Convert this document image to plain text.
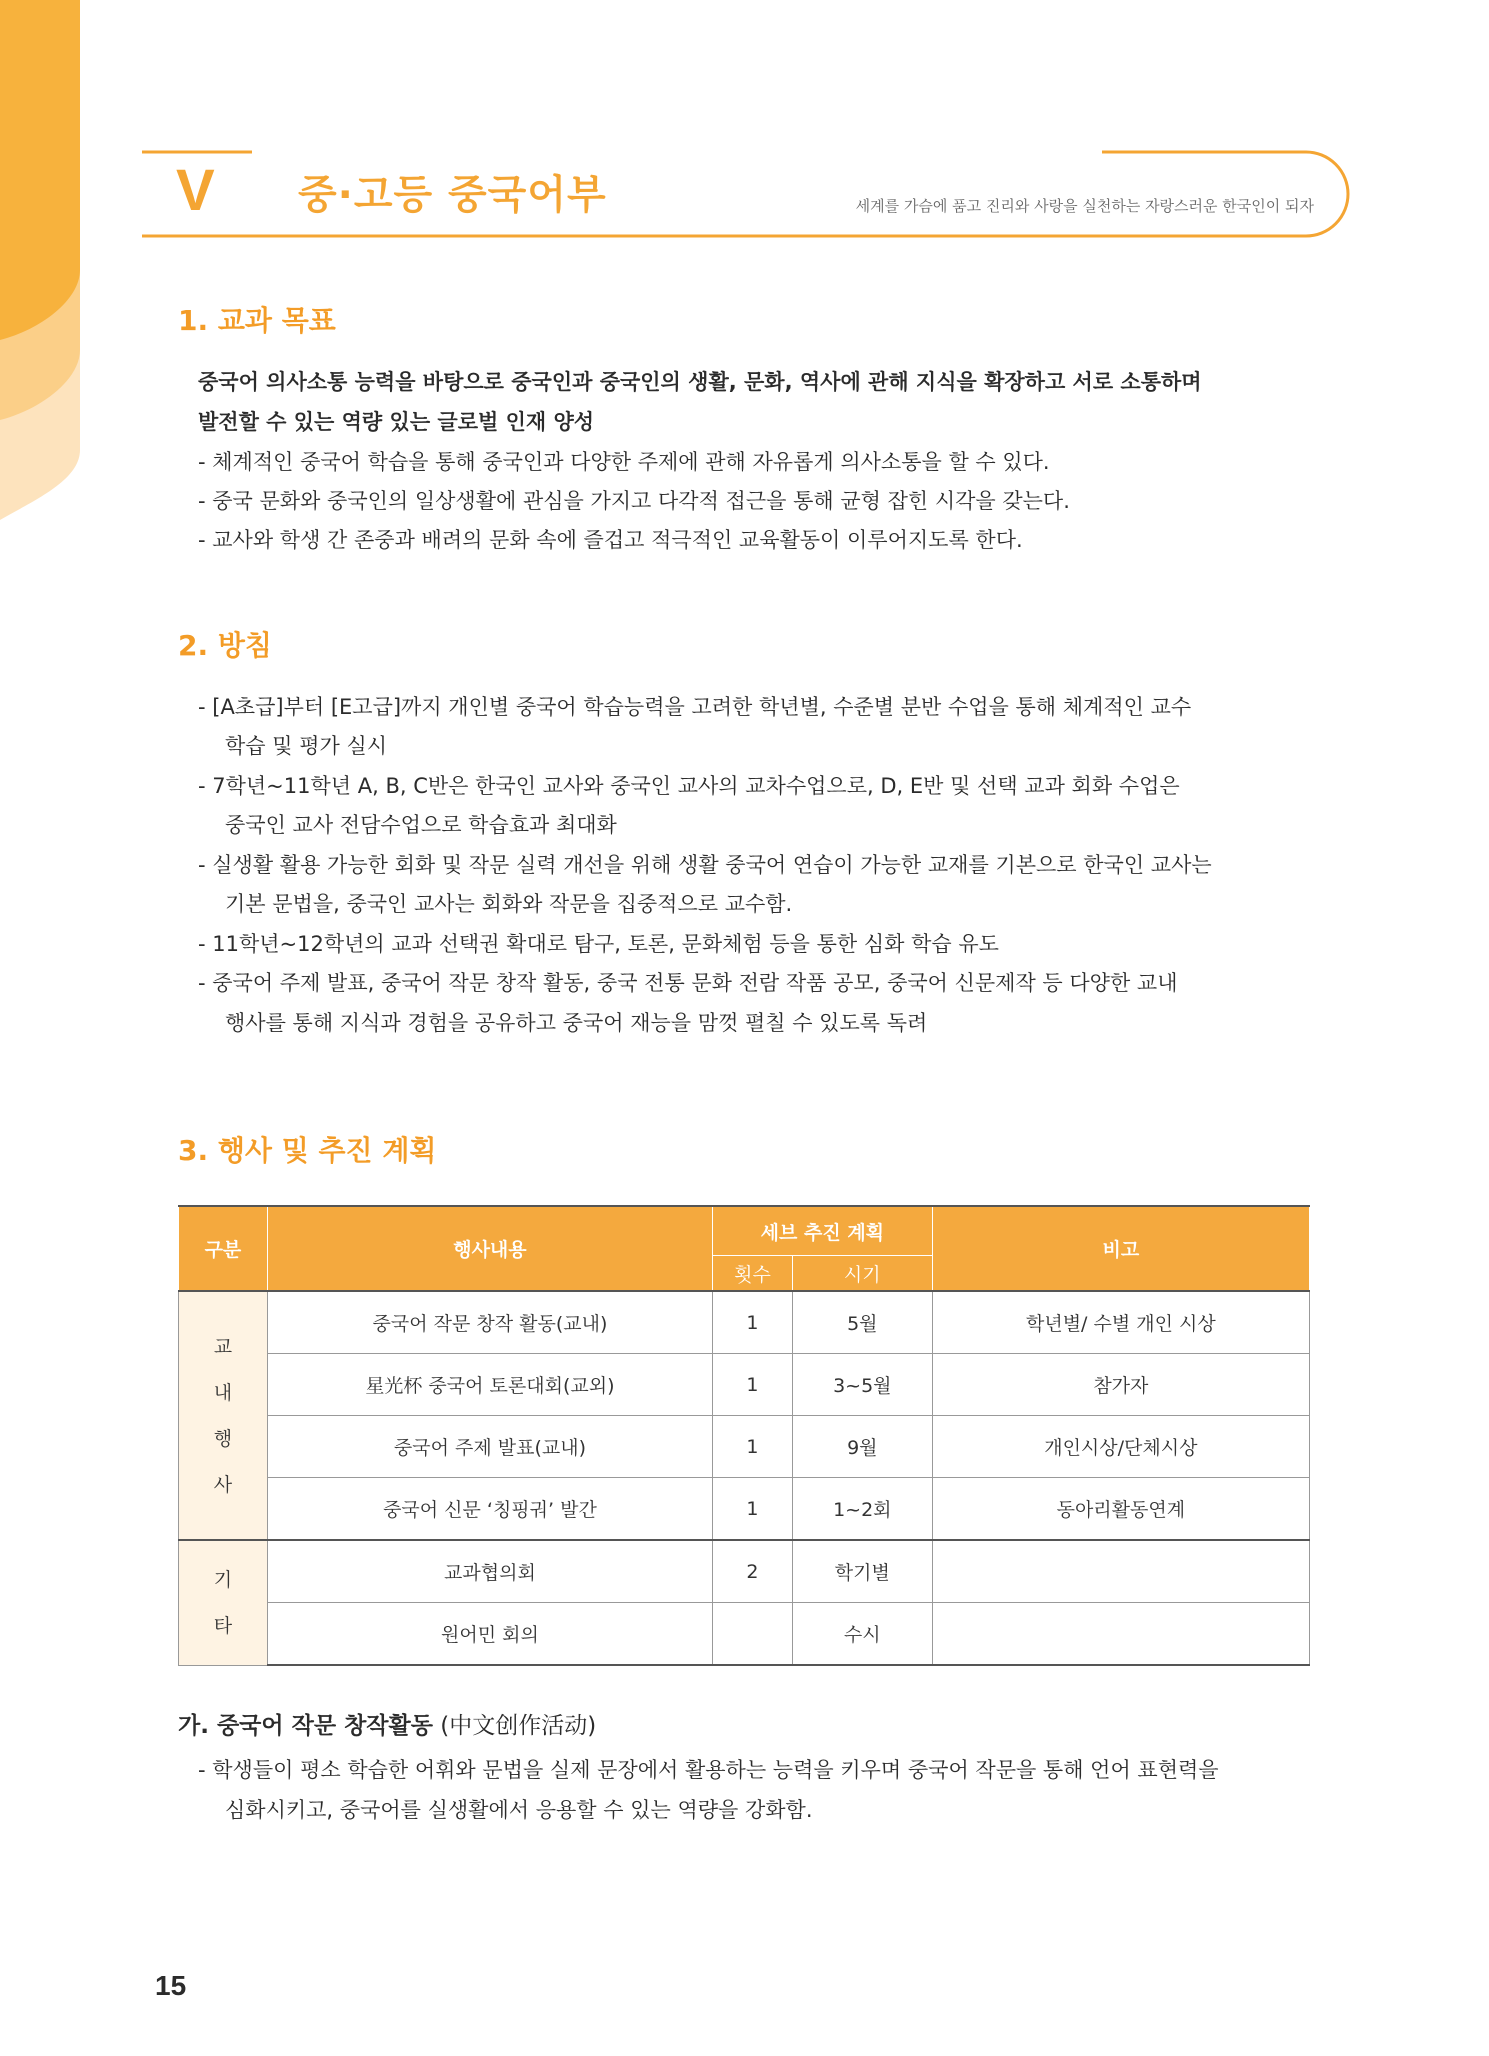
V 중·고등 중국어부	세계를 가슴에 품고 진리와 사랑을 실천하는 자랑스러운 한국인이 되자
1. 교과 목표
중국어 의사소통 능력을 바탕으로 중국인과 중국인의 생활, 문화, 역사에 관해 지식을 확장하고 서로 소통하며
발전할 수 있는 역량 있는 글로벌 인재 양성
- 체계적인 중국어 학습을 통해 중국인과 다양한 주제에 관해 자유롭게 의사소통을 할 수 있다.
- 중국 문화와 중국인의 일상생활에 관심을 가지고 다각적 접근을 통해 균형 잡힌 시각을 갖는다.
- 교사와 학생 간 존중과 배려의 문화 속에 즐겁고 적극적인 교육활동이 이루어지도록 한다.
2. 방침
- [A초급]부터 [E고급]까지 개인별 중국어 학습능력을 고려한 학년별, 수준별 분반 수업을 통해 체계적인 교수
학습 및 평가 실시
- 7학년~11학년 A, B, C반은 한국인 교사와 중국인 교사의 교차수업으로, D, E반 및 선택 교과 회화 수업은
중국인 교사 전담수업으로 학습효과 최대화
- 실생활 활용 가능한 회화 및 작문 실력 개선을 위해 생활 중국어 연습이 가능한 교재를 기본으로 한국인 교사는
기본 문법을, 중국인 교사는 회화와 작문을 집중적으로 교수함.
- 11학년~12학년의 교과 선택권 확대로 탐구, 토론, 문화체험 등을 통한 심화 학습 유도
- 중국어 주제 발표, 중국어 작문 창작 활동, 중국 전통 문화 전람 작품 공모, 중국어 신문제작 등 다양한 교내
행사를 통해 지식과 경험을 공유하고 중국어 재능을 맘껏 펼칠 수 있도록 독려
3. 행사 및 추진 계획
구분	행사내용	세브 추진 계획		비고
		횟수	시기	
교
내
행
사	중국어 작문 창작 활동(교내)	1	5월	학년별/ 수별 개인 시상
	星光杯 중국어 토론대회(교외)	1	3~5월	참가자
	중국어 주제 발표(교내)	1	9월	개인시상/단체시상
	중국어 신문 ‘칭핑궈’ 발간	1	1~2회	동아리활동연계
기
타	교과협의회	2	학기별	
	원어민 회의		수시	
가. 중국어 작문 창작활동 (中文创作活动)
- 학생들이 평소 학습한 어휘와 문법을 실제 문장에서 활용하는 능력을 키우며 중국어 작문을 통해 언어 표현력을
심화시키고, 중국어를 실생활에서 응용할 수 있는 역량을 강화함.
15
